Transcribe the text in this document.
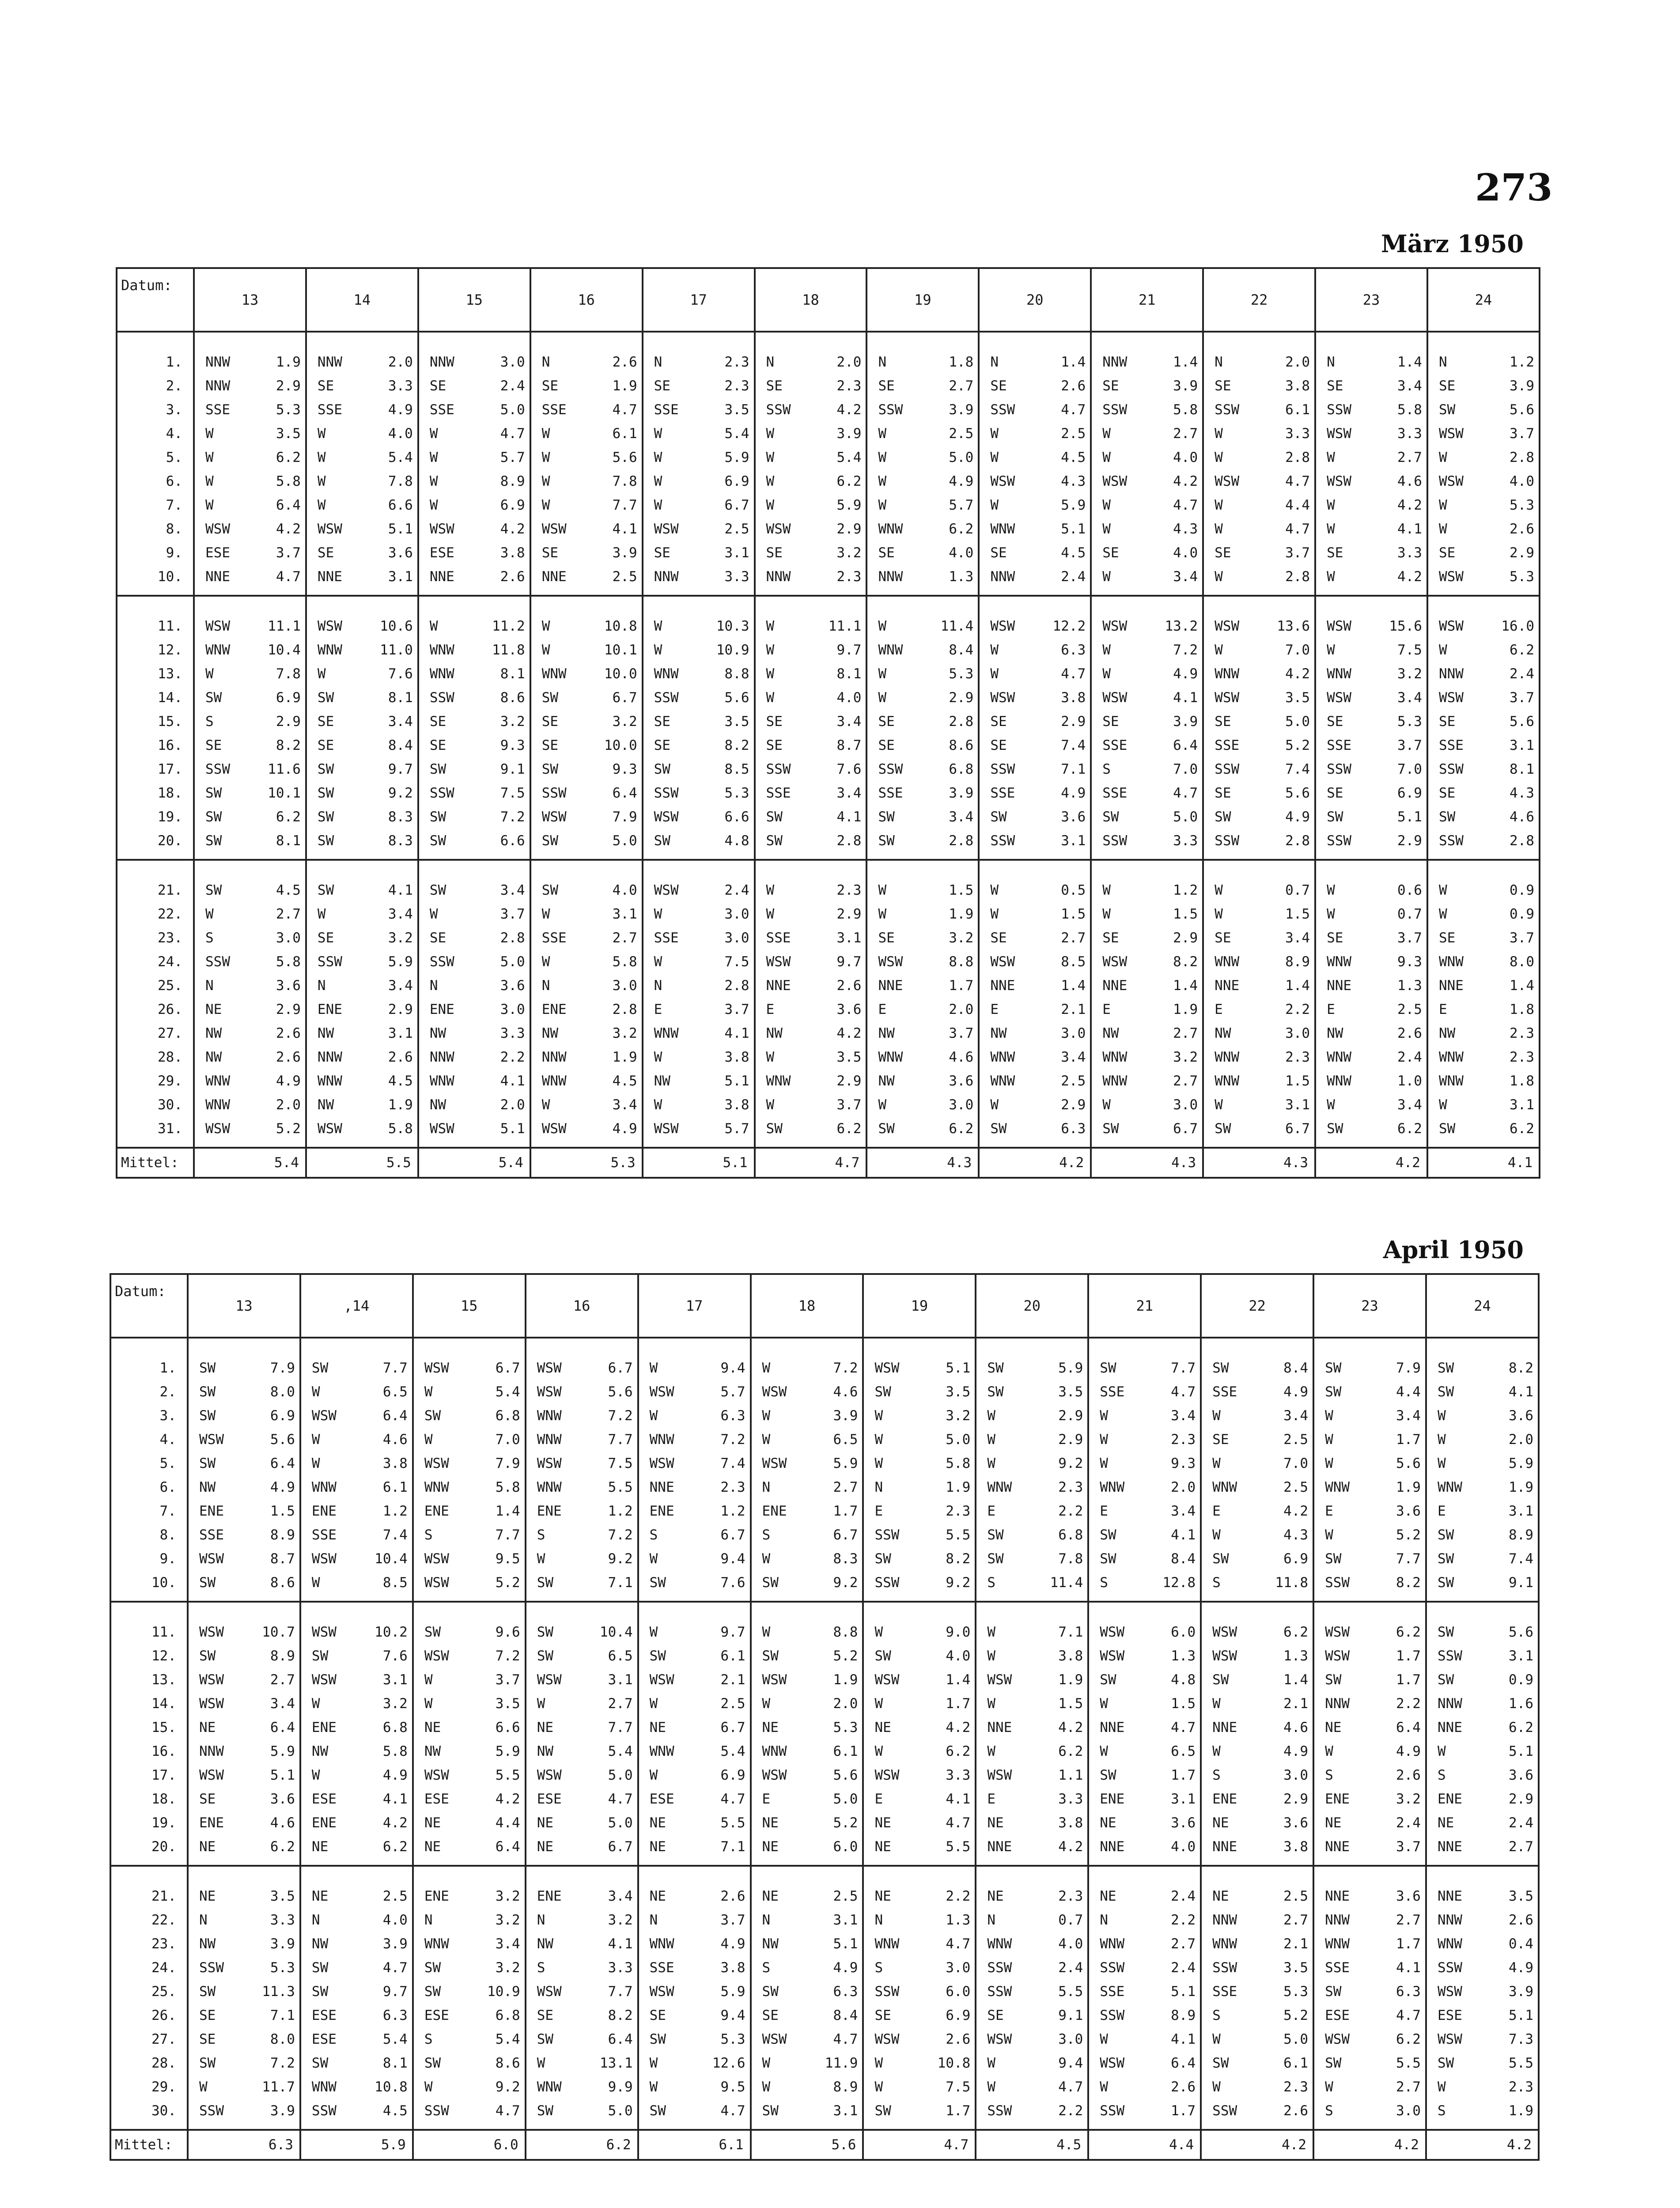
273
März 1950
Datum:	13	14	15	16	17	18	19	20	21	22	23	24
1.	NNW 1.9	NNW 2.0	NNW 3.0	N 2.6	N 2.3	N 2.0	N 1.8	N 1.4	NNW 1.4	N 2.0	N 1.4	N 1.2

2.	NNW 2.9	SE 3.3	SE 2.4	SE 1.9	SE 2.3	SE 2.3	SE 2.7	SE 2.6	SE 3.9	SE 3.8	SE 3.4	SE 3.9

3.	SSE 5.3	SSE 4.9	SSE 5.0	SSE 4.7	SSE 3.5	SSW 4.2	SSW 3.9	SSW 4.7	SSW 5.8	SSW 6.1	SSW 5.8	SW 5.6

4.	W 3.5	W 4.0	W 4.7	W 6.1	W 5.4	W 3.9	W 2.5	W 2.5	W 2.7	W 3.3	WSW 3.3	WSW 3.7

5.	W 6.2	W 5.4	W 5.7	W 5.6	W 5.9	W 5.4	W 5.0	W 4.5	W 4.0	W 2.8	W 2.7	W 2.8

6.	W 5.8	W 7.8	W 8.9	W 7.8	W 6.9	W 6.2	W 4.9	WSW 4.3	WSW 4.2	WSW 4.7	WSW 4.6	WSW 4.0

7.	W 6.4	W 6.6	W 6.9	W 7.7	W 6.7	W 5.9	W 5.7	W 5.9	W 4.7	W 4.4	W 4.2	W 5.3

8.	WSW 4.2	WSW 5.1	WSW 4.2	WSW 4.1	WSW 2.5	WSW 2.9	WNW 6.2	WNW 5.1	W 4.3	W 4.7	W 4.1	W 2.6

9.	ESE 3.7	SE 3.6	ESE 3.8	SE 3.9	SE 3.1	SE 3.2	SE 4.0	SE 4.5	SE 4.0	SE 3.7	SE 3.3	SE 2.9

10.	NNE 4.7	NNE 3.1	NNE 2.6	NNE 2.5	NNW 3.3	NNW 2.3	NNW 1.3	NNW 2.4	W 3.4	W 2.8	W 4.2	WSW 5.3

11.	WSW 11.1	WSW 10.6	W 11.2	W 10.8	W 10.3	W 11.1	W 11.4	WSW 12.2	WSW 13.2	WSW 13.6	WSW 15.6	WSW 16.0

12.	WNW 10.4	WNW 11.0	WNW 11.8	W 10.1	W 10.9	W 9.7	WNW 8.4	W 6.3	W 7.2	W 7.0	W 7.5	W 6.2

13.	W 7.8	W 7.6	WNW 8.1	WNW 10.0	WNW 8.8	W 8.1	W 5.3	W 4.7	W 4.9	WNW 4.2	WNW 3.2	NNW 2.4

14.	SW 6.9	SW 8.1	SSW 8.6	SW 6.7	SSW 5.6	W 4.0	W 2.9	WSW 3.8	WSW 4.1	WSW 3.5	WSW 3.4	WSW 3.7

15.	S 2.9	SE 3.4	SE 3.2	SE 3.2	SE 3.5	SE 3.4	SE 2.8	SE 2.9	SE 3.9	SE 5.0	SE 5.3	SE 5.6

16.	SE 8.2	SE 8.4	SE 9.3	SE 10.0	SE 8.2	SE 8.7	SE 8.6	SE 7.4	SSE 6.4	SSE 5.2	SSE 3.7	SSE 3.1

17.	SSW 11.6	SW 9.7	SW 9.1	SW 9.3	SW 8.5	SSW 7.6	SSW 6.8	SSW 7.1	S 7.0	SSW 7.4	SSW 7.0	SSW 8.1

18.	SW 10.1	SW 9.2	SSW 7.5	SSW 6.4	SSW 5.3	SSE 3.4	SSE 3.9	SSE 4.9	SSE 4.7	SE 5.6	SE 6.9	SE 4.3

19.	SW 6.2	SW 8.3	SW 7.2	WSW 7.9	WSW 6.6	SW 4.1	SW 3.4	SW 3.6	SW 5.0	SW 4.9	SW 5.1	SW 4.6

20.	SW 8.1	SW 8.3	SW 6.6	SW 5.0	SW 4.8	SW 2.8	SW 2.8	SSW 3.1	SSW 3.3	SSW 2.8	SSW 2.9	SSW 2.8

21.	SW 4.5	SW 4.1	SW 3.4	SW 4.0	WSW 2.4	W 2.3	W 1.5	W 0.5	W 1.2	W 0.7	W 0.6	W 0.9

22.	W 2.7	W 3.4	W 3.7	W 3.1	W 3.0	W 2.9	W 1.9	W 1.5	W 1.5	W 1.5	W 0.7	W 0.9

23.	S 3.0	SE 3.2	SE 2.8	SSE 2.7	SSE 3.0	SSE 3.1	SE 3.2	SE 2.7	SE 2.9	SE 3.4	SE 3.7	SE 3.7

24.	SSW 5.8	SSW 5.9	SSW 5.0	W 5.8	W 7.5	WSW 9.7	WSW 8.8	WSW 8.5	WSW 8.2	WNW 8.9	WNW 9.3	WNW 8.0

25.	N 3.6	N 3.4	N 3.6	N 3.0	N 2.8	NNE 2.6	NNE 1.7	NNE 1.4	NNE 1.4	NNE 1.4	NNE 1.3	NNE 1.4

26.	NE 2.9	ENE 2.9	ENE 3.0	ENE 2.8	E 3.7	E 3.6	E 2.0	E 2.1	E 1.9	E 2.2	E 2.5	E 1.8

27.	NW 2.6	NW 3.1	NW 3.3	NW 3.2	WNW 4.1	NW 4.2	NW 3.7	NW 3.0	NW 2.7	NW 3.0	NW 2.6	NW 2.3

28.	NW 2.6	NNW 2.6	NNW 2.2	NNW 1.9	W 3.8	W 3.5	WNW 4.6	WNW 3.4	WNW 3.2	WNW 2.3	WNW 2.4	WNW 2.3

29.	WNW 4.9	WNW 4.5	WNW 4.1	WNW 4.5	NW 5.1	WNW 2.9	NW 3.6	WNW 2.5	WNW 2.7	WNW 1.5	WNW 1.0	WNW 1.8

30.	WNW 2.0	NW 1.9	NW 2.0	W 3.4	W 3.8	W 3.7	W 3.0	W 2.9	W 3.0	W 3.1	W 3.4	W 3.1

31.	WSW 5.2	WSW 5.8	WSW 5.1	WSW 4.9	WSW 5.7	SW 6.2	SW 6.2	SW 6.3	SW 6.7	SW 6.7	SW 6.2	SW 6.2

Mittel:	5.4	5.5	5.4	5.3	5.1	4.7	4.3	4.2	4.3	4.3	4.2	4.1
April 1950
Datum:	13	,14	15	16	17	18	19	20	21	22	23	24
1.	SW 7.9	SW 7.7	WSW 6.7	WSW 6.7	W 9.4	W 7.2	WSW 5.1	SW 5.9	SW 7.7	SW 8.4	SW 7.9	SW 8.2

2.	SW 8.0	W 6.5	W 5.4	WSW 5.6	WSW 5.7	WSW 4.6	SW 3.5	SW 3.5	SSE 4.7	SSE 4.9	SW 4.4	SW 4.1

3.	SW 6.9	WSW 6.4	SW 6.8	WNW 7.2	W 6.3	W 3.9	W 3.2	W 2.9	W 3.4	W 3.4	W 3.4	W 3.6

4.	WSW 5.6	W 4.6	W 7.0	WNW 7.7	WNW 7.2	W 6.5	W 5.0	W 2.9	W 2.3	SE 2.5	W 1.7	W 2.0

5.	SW 6.4	W 3.8	WSW 7.9	WSW 7.5	WSW 7.4	WSW 5.9	W 5.8	W 9.2	W 9.3	W 7.0	W 5.6	W 5.9

6.	NW 4.9	WNW 6.1	WNW 5.8	WNW 5.5	NNE 2.3	N 2.7	N 1.9	WNW 2.3	WNW 2.0	WNW 2.5	WNW 1.9	WNW 1.9

7.	ENE 1.5	ENE 1.2	ENE 1.4	ENE 1.2	ENE 1.2	ENE 1.7	E 2.3	E 2.2	E 3.4	E 4.2	E 3.6	E 3.1

8.	SSE 8.9	SSE 7.4	S 7.7	S 7.2	S 6.7	S 6.7	SSW 5.5	SW 6.8	SW 4.1	W 4.3	W 5.2	SW 8.9

9.	WSW 8.7	WSW 10.4	WSW 9.5	W 9.2	W 9.4	W 8.3	SW 8.2	SW 7.8	SW 8.4	SW 6.9	SW 7.7	SW 7.4

10.	SW 8.6	W 8.5	WSW 5.2	SW 7.1	SW 7.6	SW 9.2	SSW 9.2	S 11.4	S 12.8	S 11.8	SSW 8.2	SW 9.1

11.	WSW 10.7	WSW 10.2	SW 9.6	SW 10.4	W 9.7	W 8.8	W 9.0	W 7.1	WSW 6.0	WSW 6.2	WSW 6.2	SW 5.6

12.	SW 8.9	SW 7.6	WSW 7.2	SW 6.5	SW 6.1	SW 5.2	SW 4.0	W 3.8	WSW 1.3	WSW 1.3	WSW 1.7	SSW 3.1

13.	WSW 2.7	WSW 3.1	W 3.7	WSW 3.1	WSW 2.1	WSW 1.9	WSW 1.4	WSW 1.9	SW 4.8	SW 1.4	SW 1.7	SW 0.9

14.	WSW 3.4	W 3.2	W 3.5	W 2.7	W 2.5	W 2.0	W 1.7	W 1.5	W 1.5	W 2.1	NNW 2.2	NNW 1.6

15.	NE 6.4	ENE 6.8	NE 6.6	NE 7.7	NE 6.7	NE 5.3	NE 4.2	NNE 4.2	NNE 4.7	NNE 4.6	NE 6.4	NNE 6.2

16.	NNW 5.9	NW 5.8	NW 5.9	NW 5.4	WNW 5.4	WNW 6.1	W 6.2	W 6.2	W 6.5	W 4.9	W 4.9	W 5.1

17.	WSW 5.1	W 4.9	WSW 5.5	WSW 5.0	W 6.9	WSW 5.6	WSW 3.3	WSW 1.1	SW 1.7	S 3.0	S 2.6	S 3.6

18.	SE 3.6	ESE 4.1	ESE 4.2	ESE 4.7	ESE 4.7	E 5.0	E 4.1	E 3.3	ENE 3.1	ENE 2.9	ENE 3.2	ENE 2.9

19.	ENE 4.6	ENE 4.2	NE 4.4	NE 5.0	NE 5.5	NE 5.2	NE 4.7	NE 3.8	NE 3.6	NE 3.6	NE 2.4	NE 2.4

20.	NE 6.2	NE 6.2	NE 6.4	NE 6.7	NE 7.1	NE 6.0	NE 5.5	NNE 4.2	NNE 4.0	NNE 3.8	NNE 3.7	NNE 2.7

21.	NE 3.5	NE 2.5	ENE 3.2	ENE 3.4	NE 2.6	NE 2.5	NE 2.2	NE 2.3	NE 2.4	NE 2.5	NNE 3.6	NNE 3.5

22.	N 3.3	N 4.0	N 3.2	N 3.2	N 3.7	N 3.1	N 1.3	N 0.7	N 2.2	NNW 2.7	NNW 2.7	NNW 2.6

23.	NW 3.9	NW 3.9	WNW 3.4	NW 4.1	WNW 4.9	NW 5.1	WNW 4.7	WNW 4.0	WNW 2.7	WNW 2.1	WNW 1.7	WNW 0.4

24.	SSW 5.3	SW 4.7	SW 3.2	S 3.3	SSE 3.8	S 4.9	S 3.0	SSW 2.4	SSW 2.4	SSW 3.5	SSE 4.1	SSW 4.9

25.	SW 11.3	SW 9.7	SW 10.9	WSW 7.7	WSW 5.9	SW 6.3	SSW 6.0	SSW 5.5	SSE 5.1	SSE 5.3	SW 6.3	WSW 3.9

26.	SE 7.1	ESE 6.3	ESE 6.8	SE 8.2	SE 9.4	SE 8.4	SE 6.9	SE 9.1	SSW 8.9	S 5.2	ESE 4.7	ESE 5.1

27.	SE 8.0	ESE 5.4	S 5.4	SW 6.4	SW 5.3	WSW 4.7	WSW 2.6	WSW 3.0	W 4.1	W 5.0	WSW 6.2	WSW 7.3

28.	SW 7.2	SW 8.1	SW 8.6	W 13.1	W 12.6	W 11.9	W 10.8	W 9.4	WSW 6.4	SW 6.1	SW 5.5	SW 5.5

29.	W 11.7	WNW 10.8	W 9.2	WNW 9.9	W 9.5	W 8.9	W 7.5	W 4.7	W 2.6	W 2.3	W 2.7	W 2.3

30.	SSW 3.9	SSW 4.5	SSW 4.7	SW 5.0	SW 4.7	SW 3.1	SW 1.7	SSW 2.2	SSW 1.7	SSW 2.6	S 3.0	S 1.9

Mittel:	6.3	5.9	6.0	6.2	6.1	5.6	4.7	4.5	4.4	4.2	4.2	4.2
